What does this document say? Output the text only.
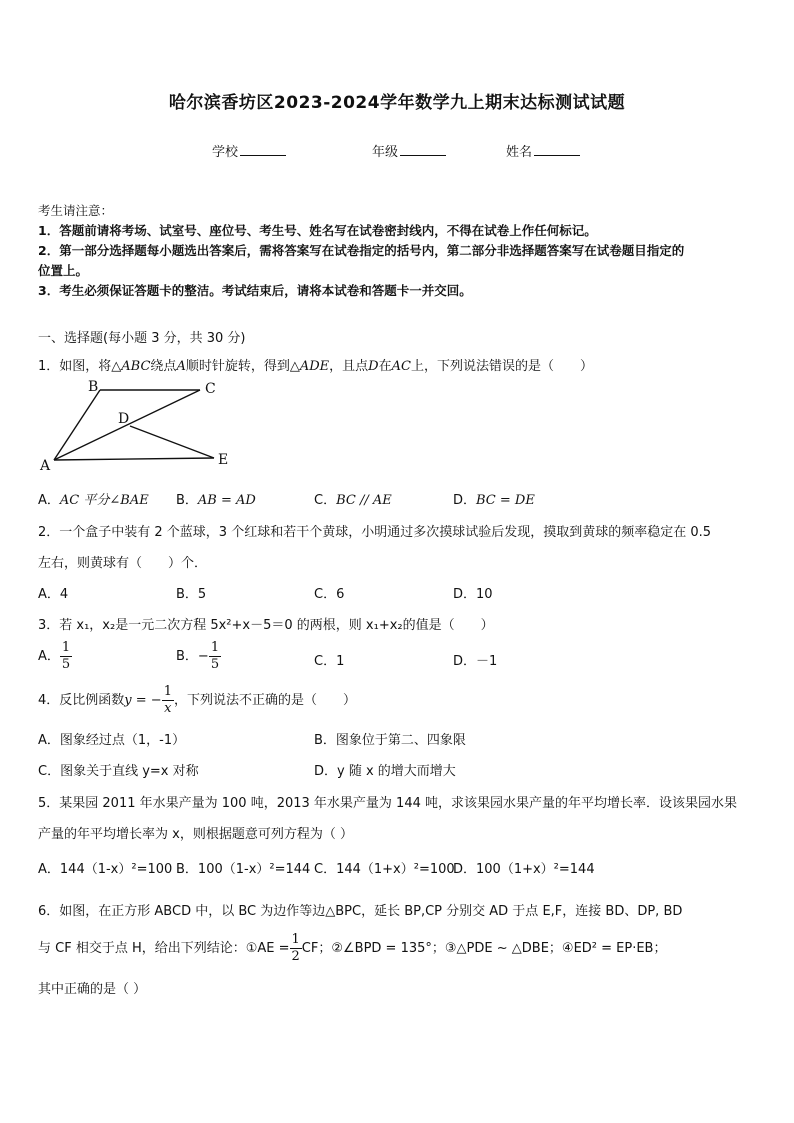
哈尔滨香坊区2023-2024学年数学九上期末达标测试试题
学校	年级	姓名
考生请注意：
1．答题前请将考场、试室号、座位号、考生号、姓名写在试卷密封线内，不得在试卷上作任何标记。
2．第一部分选择题每小题选出答案后，需将答案写在试卷指定的括号内，第二部分非选择题答案写在试卷题目指定的
位置上。
3．考生必须保证答题卡的整洁。考试结束后，请将本试卷和答题卡一并交回。
一、选择题(每小题 3 分，共 30 分)
1．如图，将△ABC绕点A顺时针旋转，得到△ADE，且点D在AC上，下列说法错误的是（　　）
B	C
D
A	E
A．AC 平分∠BAE B．AB = AD	C．BC // AE	D．BC = DE
2．一个盒子中装有 2 个蓝球，3 个红球和若干个黄球，小明通过多次摸球试验后发现，摸取到黄球的频率稳定在 0.5
左右，则黄球有（　　）个．
A．4	B．5	C．6	D．10
3．若 x₁，x₂是一元二次方程 5x²+x－5＝0 的两根，则 x₁+x₂的值是（　　）
A． $\frac{1}{5}$	B．− $\frac{1}{5}$	C．1	D．－1
4．反比例函数y = − $\frac{1}{x}$ ，下列说法不正确的是（　　）
A．图象经过点（1，-1）	B．图象位于第二、四象限
C．图象关于直线 y=x 对称	D．y 随 x 的增大而增大
5．某果园 2011 年水果产量为 100 吨，2013 年水果产量为 144 吨，求该果园水果产量的年平均增长率．设该果园水果
产量的年平均增长率为 x，则根据题意可列方程为（ ）
A．144（1-x）²=100 B．100（1-x）²=144 C．144（1+x）²=100
D．100（1+x）²=144
6．如图，在正方形 ABCD 中，以 BC 为边作等边△BPC，延长 BP,CP 分别交 AD 于点 E,F，连接 BD、DP, BD
与 CF 相交于点 H，给出下列结论：①AE = $\frac{1}{2}$ CF；②∠BPD = 135°；③△PDE ~ △DBE；④ED² = EP·EB；
其中正确的是（ ）
